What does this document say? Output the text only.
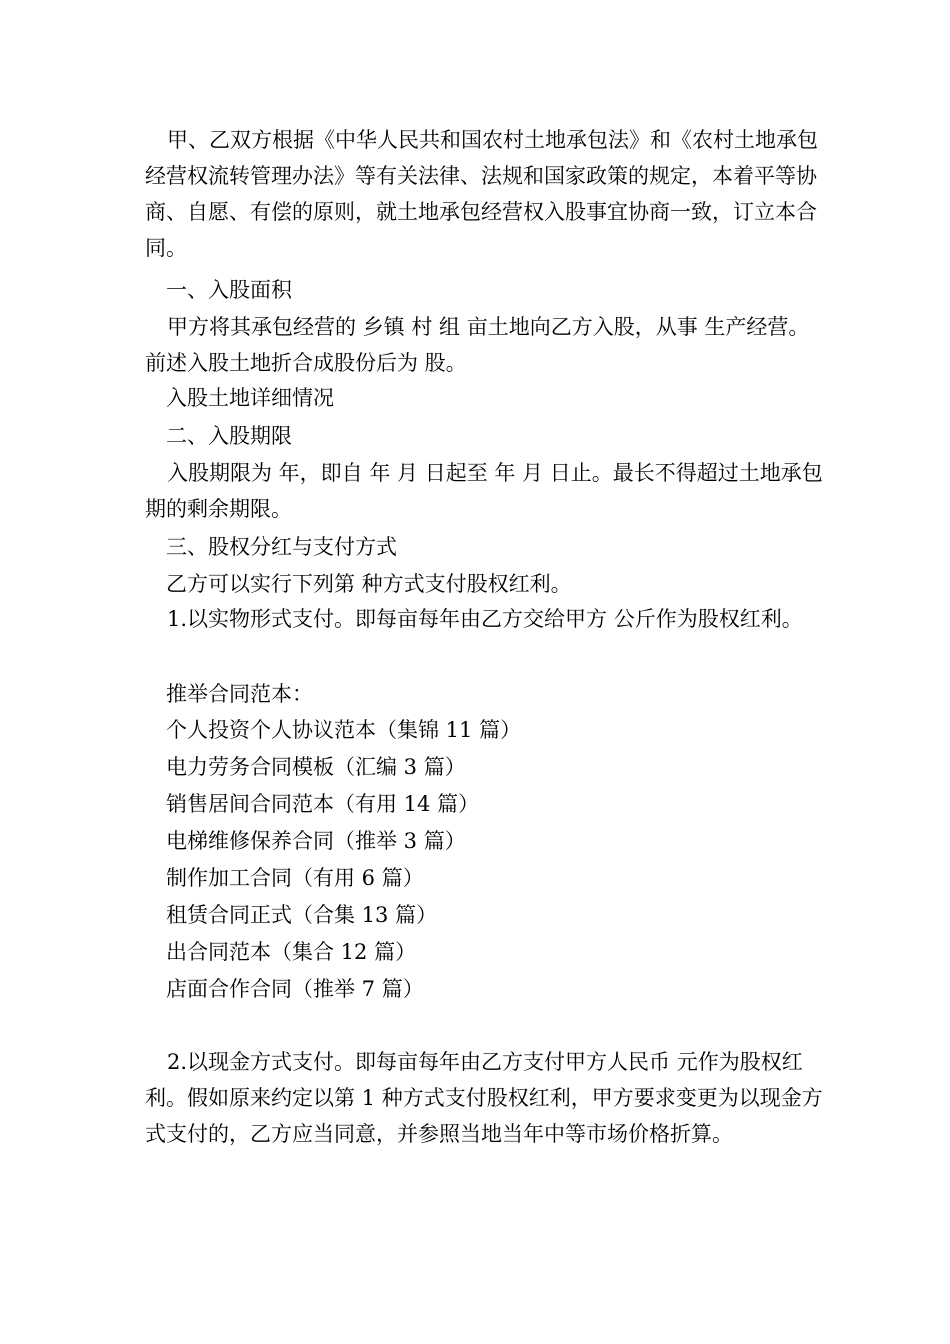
甲、乙双方根据《中华人民共和国农村土地承包法》和《农村土地承包经营权流转管理办法》等有关法律、法规和国家政策的规定，本着平等协商、自愿、有偿的原则，就土地承包经营权入股事宜协商一致，订立本合同。

一、入股面积

甲方将其承包经营的 乡镇 村 组 亩土地向乙方入股，从事 生产经营。前述入股土地折合成股份后为 股。

入股土地详细情况
二、入股期限

入股期限为 年，即自 年 月 日起至 年 月 日止。最长不得超过土地承包期的剩余期限。

三、股权分红与支付方式
乙方可以实行下列第 种方式支付股权红利。

1.以实物形式支付。即每亩每年由乙方交给甲方 公斤作为股权红利。

推举合同范本：
个人投资个人协议范本（集锦 11 篇）
电力劳务合同模板（汇编 3 篇）
销售居间合同范本（有用 14 篇）
电梯维修保养合同（推举 3 篇）
制作加工合同（有用 6 篇）
租赁合同正式（合集 13 篇）
出合同范本（集合 12 篇）
店面合作合同（推举 7 篇）

2.以现金方式支付。即每亩每年由乙方支付甲方人民币 元作为股权红利。假如原来约定以第 1 种方式支付股权红利，甲方要求变更为以现金方式支付的，乙方应当同意，并参照当地当年中等市场价格折算。
